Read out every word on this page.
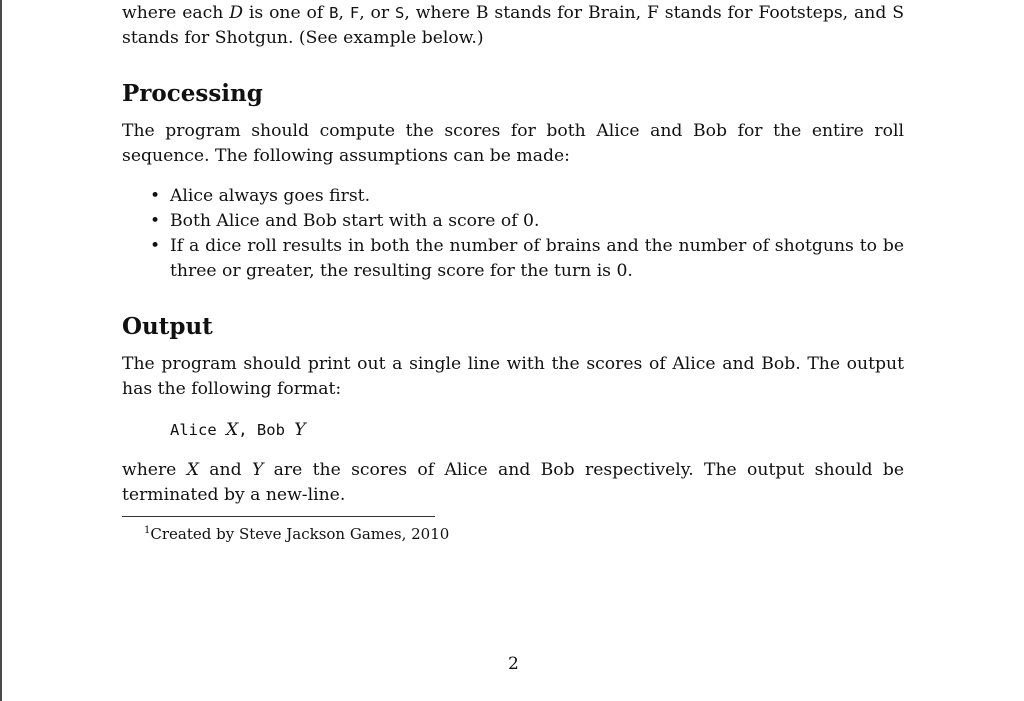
where each D is one of B, F, or S, where B stands for Brain, F stands for Footsteps, and S stands for Shotgun. (See example below.)

Processing

The program should compute the scores for both Alice and Bob for the entire roll sequence. The following assumptions can be made:

• Alice always goes first.
• Both Alice and Bob start with a score of 0.
• If a dice roll results in both the number of brains and the number of shotguns to be three or greater, the resulting score for the turn is 0.
Output

The program should print out a single line with the scores of Alice and Bob. The output has the following format:

Alice X, Bob Y

where X and Y are the scores of Alice and Bob respectively. The output should be terminated by a new-line.

$^1$Created by Steve Jackson Games, 2010
2
